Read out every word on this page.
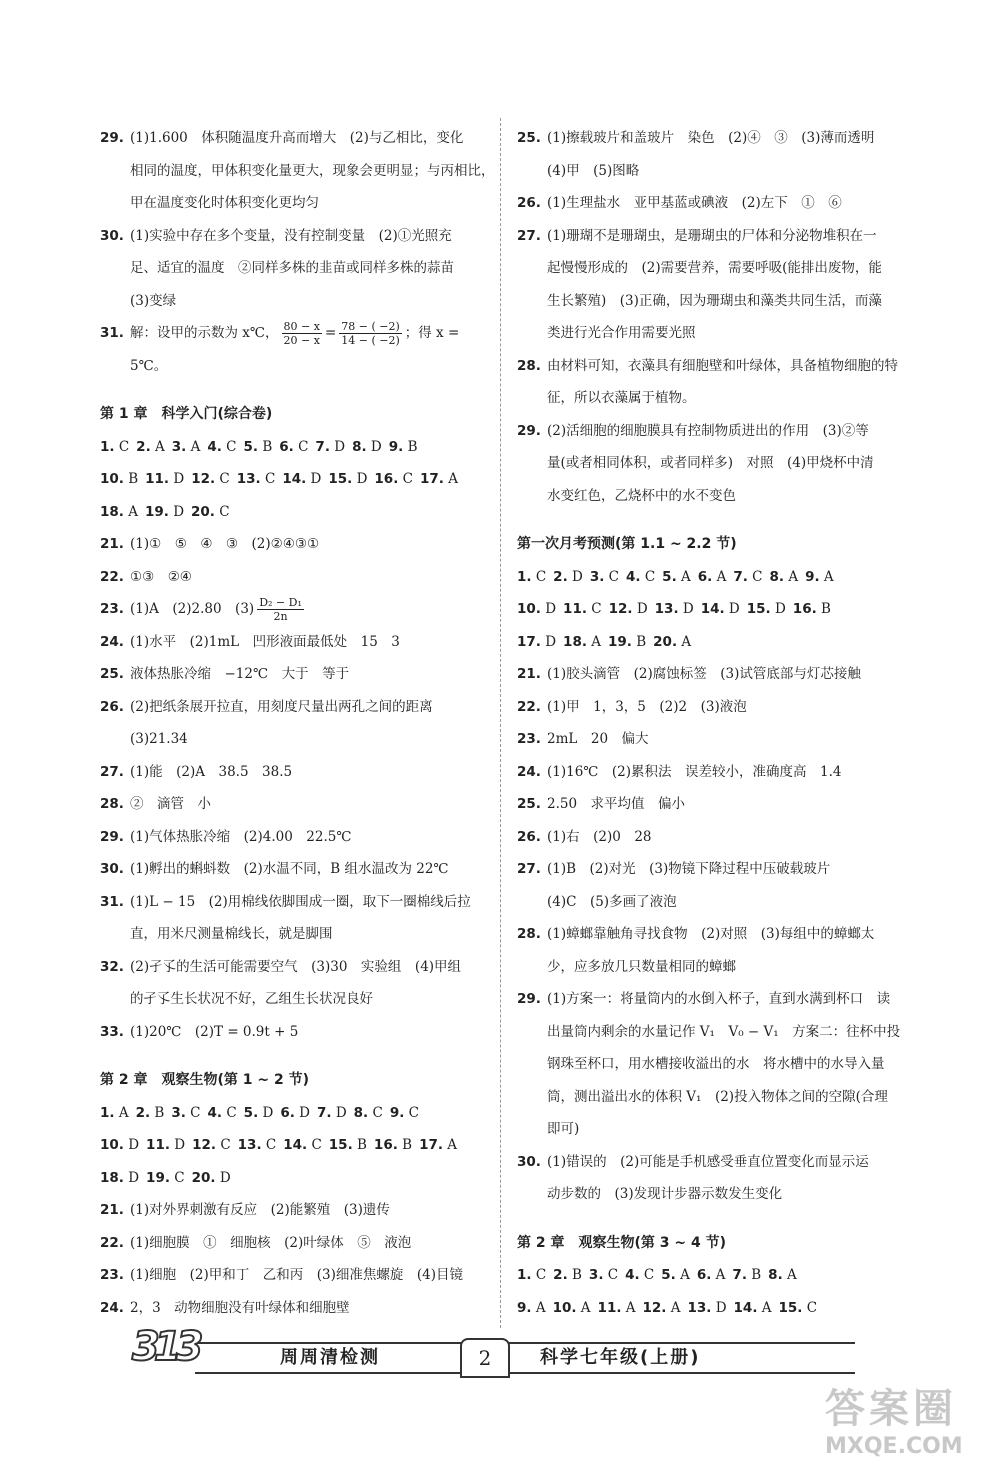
29. (1)1.600　体积随温度升高而增大　(2)与乙相比，变化
相同的温度，甲体积变化量更大，现象会更明显；与丙相比，
甲在温度变化时体积变化更均匀
30. (1)实验中存在多个变量，没有控制变量　(2)①光照充
足、适宜的温度　②同样多株的韭苗或同样多株的蒜苗
(3)变绿
31. 解：设甲的示数为 x℃， $\frac{80 - x}{20 - x} = \frac{78 - ( -2)}{14 - ( -2)}$ ；得 x = 5℃。
第 1 章　科学入门(综合卷)
1. C 2. A 3. A 4. C 5. B 6. C 7. D 8. D 9. B
10. B 11. D 12. C 13. C 14. D 15. D 16. C 17. A
18. A 19. D 20. C
21. (1)①　⑤　④　③　(2)②④③①
22. ①③　②④
23. (1)A　(2)2.80　$(3) \frac{\text{D₂ − D₁}}{2n}$
24. (1)水平　(2)1mL　凹形液面最低处　15　3
25. 液体热胀冷缩　−12℃　大于　等于
26. (2)把纸条展开拉直，用刻度尺量出两孔之间的距离
(3)21.34
27. (1)能　(2)A　38.5　38.5
28. ②　滴管　小
29. (1)气体热胀冷缩　(2)4.00　22.5℃
30. (1)孵出的蝌蚪数　(2)水温不同，B 组水温改为 22℃
31. (1)L − 15　(2)用棉线依脚围成一圈，取下一圈棉线后拉
直，用米尺测量棉线长，就是脚围
32. (2)孑孓的生活可能需要空气　(3)30　实验组　(4)甲组
的孑孓生长状况不好，乙组生长状况良好
33. (1)20℃　(2)T = 0.9t + 5
第 2 章　观察生物(第 1 ~ 2 节)
1. A 2. B 3. C 4. C 5. D 6. D 7. D 8. C 9. C
10. D 11. D 12. C 13. C 14. C 15. B 16. B 17. A
18. D 19. C 20. D
21. (1)对外界刺激有反应　(2)能繁殖　(3)遗传
22. (1)细胞膜　①　细胞核　(2)叶绿体　⑤　液泡
23. (1)细胞　(2)甲和丁　乙和丙　(3)细准焦螺旋　(4)目镜
24. 2，3　动物细胞没有叶绿体和细胞壁
25. (1)擦载玻片和盖玻片　染色　(2)④　③　(3)薄而透明
(4)甲　(5)图略
26. (1)生理盐水　亚甲基蓝或碘液　(2)左下　①　⑥
27. (1)珊瑚不是珊瑚虫，是珊瑚虫的尸体和分泌物堆积在一
起慢慢形成的　(2)需要营养，需要呼吸(能排出废物，能
生长繁殖)　(3)正确，因为珊瑚虫和藻类共同生活，而藻
类进行光合作用需要光照
28. 由材料可知，衣藻具有细胞壁和叶绿体，具备植物细胞的特
征，所以衣藻属于植物。
29. (2)活细胞的细胞膜具有控制物质进出的作用　(3)②等
量(或者相同体积，或者同样多)　对照　(4)甲烧杯中清
水变红色，乙烧杯中的水不变色
第一次月考预测(第 1.1 ~ 2.2 节)
1. C 2. D 3. C 4. C 5. A 6. A 7. C 8. A 9. A
10. D 11. C 12. D 13. D 14. D 15. D 16. B
17. D 18. A 19. B 20. A
21. (1)胶头滴管　(2)腐蚀标签　(3)试管底部与灯芯接触
22. (1)甲　1，3，5　(2)2　(3)液泡
23. 2mL　20　偏大
24. (1)16℃　(2)累积法　误差较小，准确度高　1.4
25. 2.50　求平均值　偏小
26. (1)右　(2)0　28
27. (1)B　(2)对光　(3)物镜下降过程中压破载玻片
(4)C　(5)多画了液泡
28. (1)蟑螂靠触角寻找食物　(2)对照　(3)每组中的蟑螂太
少，应多放几只数量相同的蟑螂
29. (1)方案一：将量筒内的水倒入杯子，直到水满到杯口　读
出量筒内剩余的水量记作 V₁　V₀ − V₁　方案二：往杯中投
钢珠至杯口，用水槽接收溢出的水　将水槽中的水导入量
筒，测出溢出水的体积 V₁　(2)投入物体之间的空隙(合理
即可)
30. (1)错误的　(2)可能是手机感受垂直位置变化而显示运
动步数的　(3)发现计步器示数发生变化
第 2 章　观察生物(第 3 ~ 4 节)
1. C 2. B 3. C 4. C 5. A 6. A 7. B 8. A
9. A 10. A 11. A 12. A 13. D 14. A 15. C
313	周周清检测	2	科学七年级(上册)
答案圈
MXQE.COM
